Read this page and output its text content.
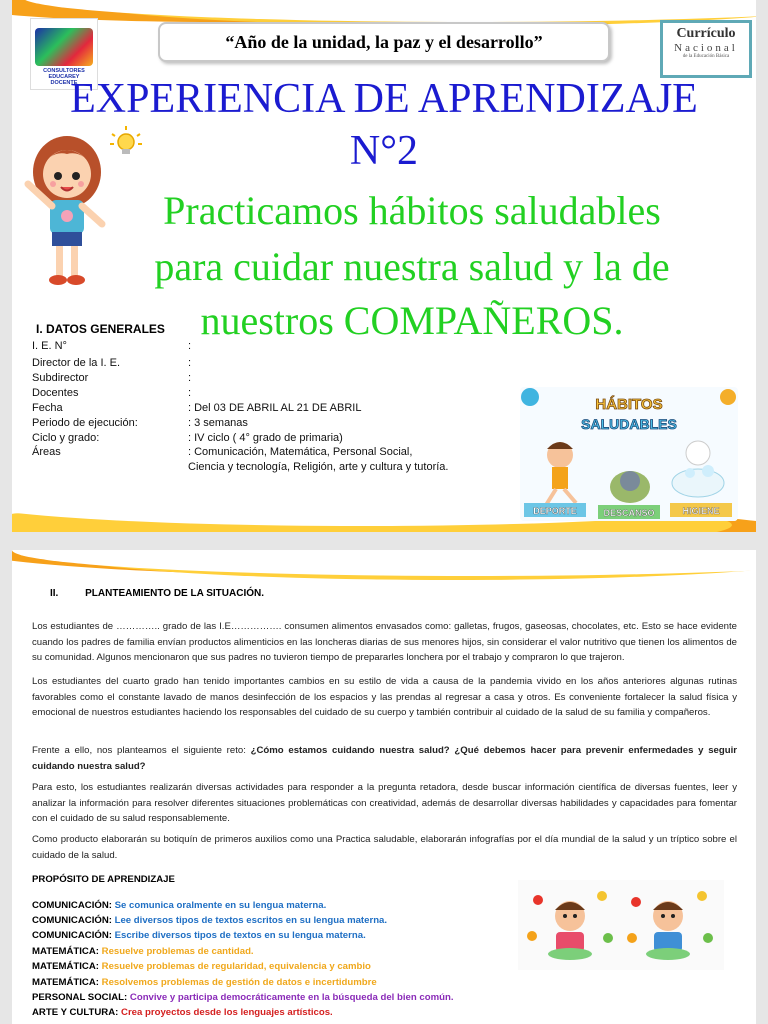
CONSULTORES
EDUCAREY
DOCENTE
“Año de la unidad, la paz y el desarrollo”	Currículo
Nacional
de la Educación Básica
EXPERIENCIA DE APRENDIZAJE
N°2
Practicamos hábitos saludables
para cuidar nuestra salud y la de
nuestros COMPAÑEROS.
I. DATOS GENERALES
I. E. N°	:
Director de la I. E.	:
Subdirector	:
Docentes	:
Fecha	: Del 03 DE ABRIL AL 21 DE ABRIL
Periodo de ejecución:	: 3 semanas
Ciclo y grado:	: IV ciclo ( 4° grado de primaria)
Áreas	: Comunicación, Matemática, Personal Social,
Ciencia y tecnología, Religión, arte y cultura y tutoría.
HÁBITOS
SALUDABLES
DEPORTE	DESCANSO	HIGIENE
II.	PLANTEAMIENTO DE LA SITUACIÓN.
Los estudiantes de ………….. grado de las I.E……………. consumen alimentos envasados como: galletas, frugos, gaseosas, chocolates, etc. Esto se hace evidente cuando los padres de familia envían productos alimenticios en las loncheras diarias de sus menores hijos, sin considerar el valor nutritivo que tienen los alimentos de su comunidad. Algunos mencionaron que sus padres no tuvieron tiempo de prepararles lonchera por el trabajo y compraron lo que trajeron.
Los estudiantes del cuarto grado han tenido importantes cambios en su estilo de vida a causa de la pandemia vivido en los años anteriores algunas rutinas favorables como el constante lavado de manos desinfección de los espacios y las prendas al regresar a casa y otros. Es conveniente fortalecer la salud física y emocional de nuestros estudiantes haciendo los responsables del cuidado de su cuerpo y también contribuir al cuidado de la salud de su familia y compañeros.
Frente a ello, nos planteamos el siguiente reto: ¿Cómo estamos cuidando nuestra salud? ¿Qué debemos hacer para prevenir enfermedades y seguir cuidando nuestra salud?
Para esto, los estudiantes realizarán diversas actividades para responder a la pregunta retadora, desde buscar información científica de diversas fuentes, leer y analizar la información para resolver diferentes situaciones problemáticas con creatividad, además de desarrollar diversas habilidades y capacidades para fomentar con el cuidado de su salud responsablemente.
Como producto elaborarán su botiquín de primeros auxilios como una Practica saludable, elaborarán infografías por el día mundial de la salud y un tríptico sobre el cuidado de la salud.
PROPÓSITO DE APRENDIZAJE
COMUNICACIÓN: Se comunica oralmente en su lengua materna.
COMUNICACIÓN: Lee diversos tipos de textos escritos en su lengua materna.
COMUNICACIÓN: Escribe diversos tipos de textos en su lengua materna.
MATEMÁTICA: Resuelve problemas de cantidad.
MATEMÁTICA: Resuelve problemas de regularidad, equivalencia y cambio
MATEMÁTICA: Resolvemos problemas de gestión de datos e incertidumbre
PERSONAL SOCIAL: Convive y participa democráticamente en la búsqueda del bien común.
ARTE Y CULTURA: Crea proyectos desde los lenguajes artísticos.
